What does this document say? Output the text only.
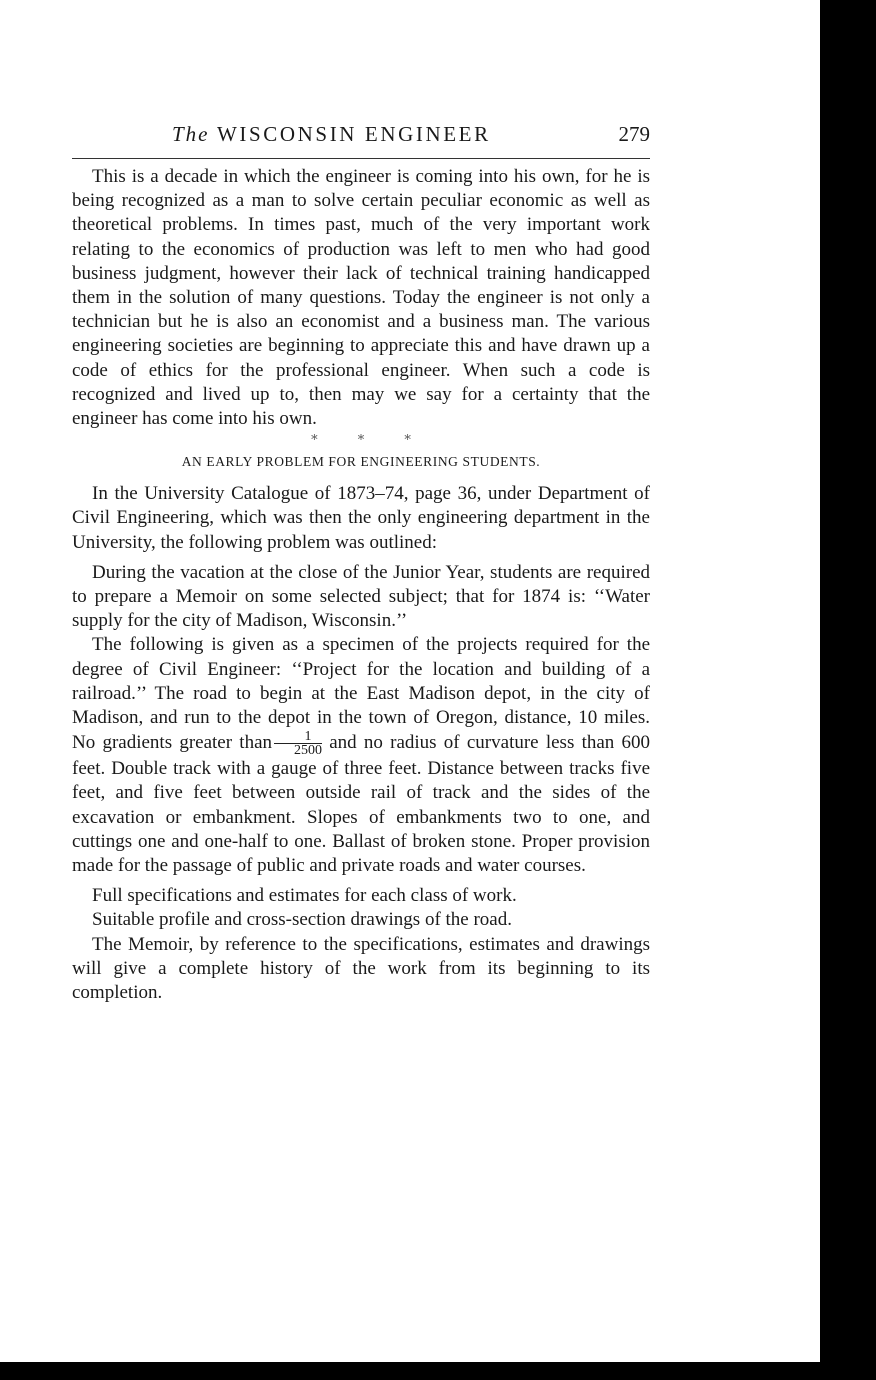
The WISCONSIN ENGINEER	279

This is a decade in which the engineer is coming into his own, for he is being recognized as a man to solve certain peculiar economic as well as theoretical problems. In times past, much of the very important work relating to the economics of production was left to men who had good business judgment, however their lack of technical training handicapped them in the solution of many questions. Today the engineer is not only a technician but he is also an economist and a business man. The various engineering societies are beginning to appreciate this and have drawn up a code of ethics for the professional engineer. When such a code is recognized and lived up to, then may we say for a certainty that the engineer has come into his own.

* * *
AN EARLY PROBLEM FOR ENGINEERING STUDENTS.

In the University Catalogue of 1873–74, page 36, under Department of Civil Engineering, which was then the only engineering department in the University, the following problem was outlined:

During the vacation at the close of the Junior Year, students are required to prepare a Memoir on some selected subject; that for 1874 is: ‘‘Water supply for the city of Madison, Wisconsin.’’

The following is given as a specimen of the projects required for the degree of Civil Engineer: ‘‘Project for the location and building of a railroad.’’ The road to begin at the East Madison depot, in the city of Madison, and run to the depot in the town of Oregon, distance, 10 miles. No gradients greater than $\frac{1}{2500}$ and no radius of curvature less than 600 feet. Double track with a gauge of three feet. Distance between tracks five feet, and five feet between outside rail of track and the sides of the excavation or embankment. Slopes of embankments two to one, and cuttings one and one-half to one. Ballast of broken stone. Proper provision made for the passage of public and private roads and water courses.

Full specifications and estimates for each class of work.

Suitable profile and cross-section drawings of the road.

The Memoir, by reference to the specifications, estimates and drawings will give a complete history of the work from its beginning to its completion.
